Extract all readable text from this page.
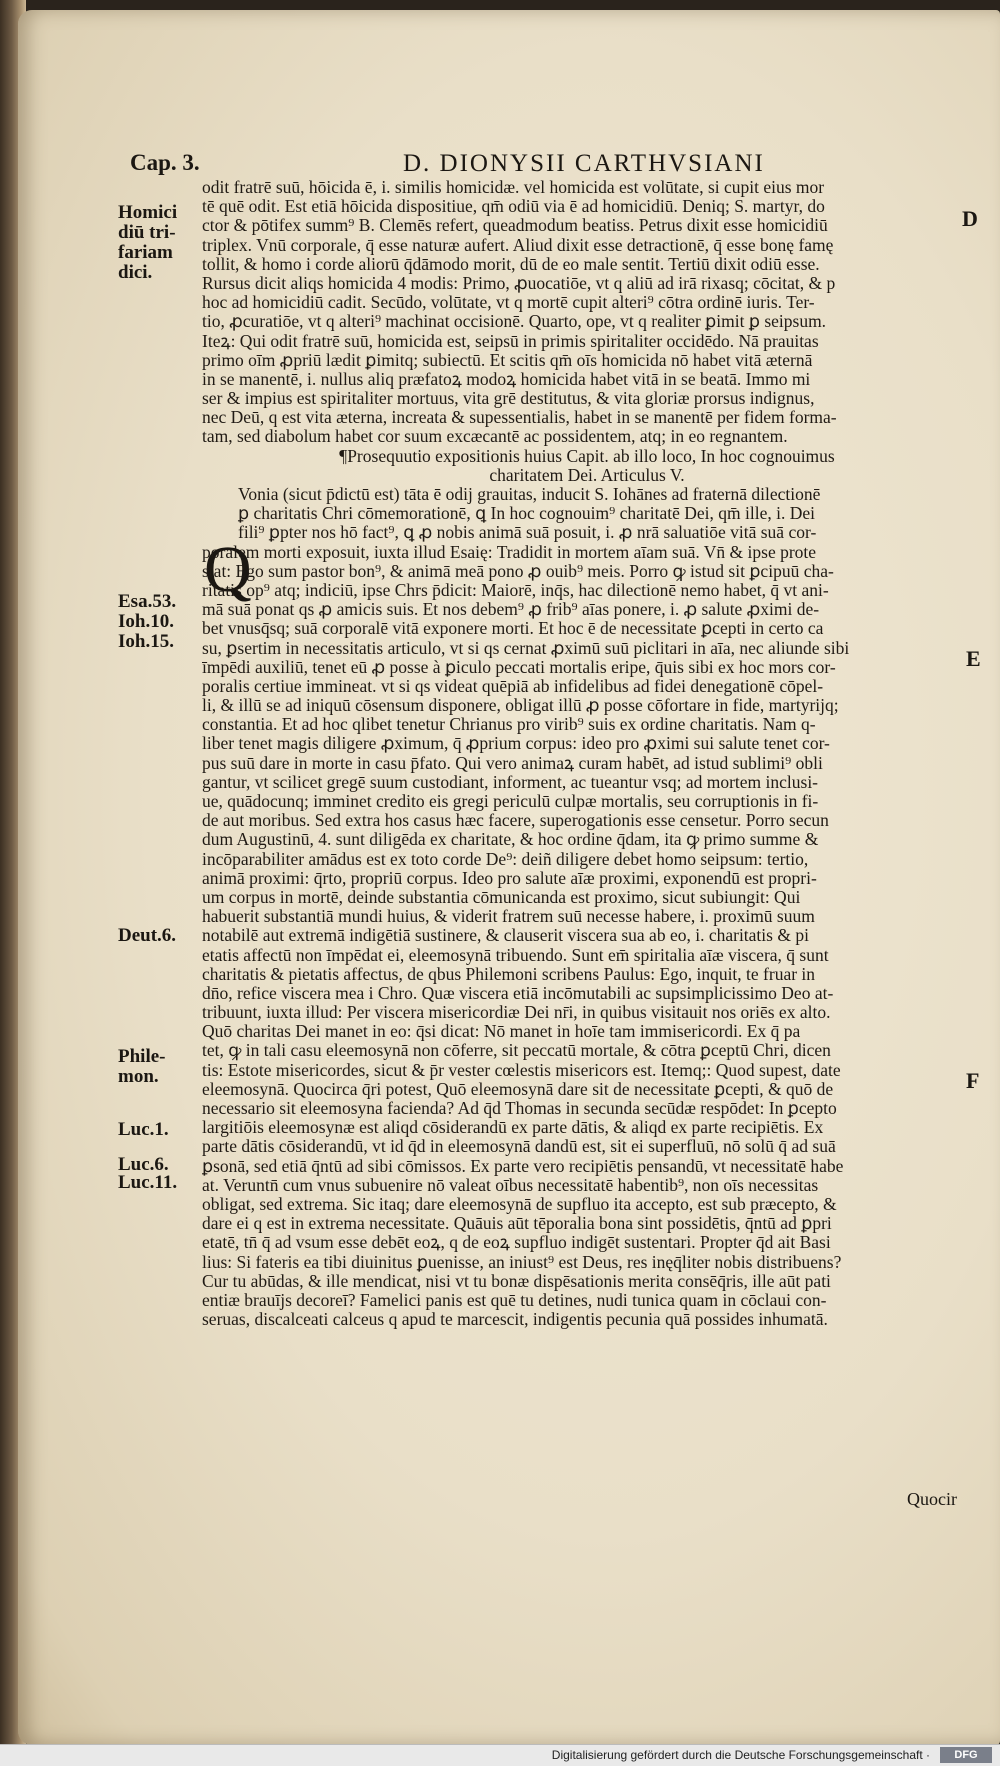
Cap. 3.	D. DIONYSII CARTHVSIANI
Homici
diū tri-
fariam
dici.
Esa.53.
Ioh.10.
Ioh.15.
Deut.6.
Phile-
mon.
Luc.1.
Luc.6.
Luc.11.
D
E
F
Q
odit fratrē suū, hōicida ē, i. similis homicidæ. vel homicida est volūtate, si cupit eius mor
tē quē odit. Est etiā hōicida dispositiue, qm̄ odiū via ē ad homicidiū. Deniq; S. martyr, do
ctor & pōtifex summ⁹ B. Clemēs refert, queadmodum beatiss. Petrus dixit esse homicidiū
triplex. Vnū corporale, q̄ esse naturæ aufert. Aliud dixit esse detractionē, q̄ esse bonę famę
tollit, & homo i corde aliorū q̄dāmodo morit, dū de eo male sentit. Tertiū dixit odiū esse.
Rursus dicit aliqs homicida 4 modis: Primo, ꝓuocatiōe, vt q aliū ad irā rixasq; cōcitat, & p
hoc ad homicidiū cadit. Secūdo, volūtate, vt q mortē cupit alteri⁹ cōtra ordinē iuris. Ter-
tio, ꝓcuratiōe, vt q alteri⁹ machinat occisionē. Quarto, ope, vt q realiter ꝑimit ꝑ seipsum.
Iteꝝ: Qui odit fratrē suū, homicida est, seipsū in primis spiritaliter occidēdo. Nā prauitas
primo oīm ꝓpriū lædit ꝑimitq; subiectū. Et scitis qm̄ oīs homicida nō habet vitā æternā
in se manentē, i. nullus aliq præfatoꝝ modoꝝ homicida habet vitā in se beatā. Immo mi
ser & impius est spiritaliter mortuus, vita grē destitutus, & vita gloriæ prorsus indignus,
nec Deū, q est vita æterna, increata & supessentialis, habet in se manentē per fidem forma-
tam, sed diabolum habet cor suum excæcantē ac possidentem, atq; in eo regnantem.
¶Prosequutio expositionis huius Capit. ab illo loco, In hoc cognouimus
charitatem Dei. Articulus V.
Vonia (sicut p̄dictū est) tāta ē odij grauitas, inducit S. Iohānes ad fraternā dilectionē
ꝑ charitatis Chri cōmemorationē, ꝗ In hoc cognouim⁹ charitatē Dei, qm̄ ille, i. Dei
fili⁹ ꝑpter nos hō fact⁹, ꝗ ꝓ nobis animā suā posuit, i. ꝓ nrā saluatiōe vitā suā cor-
poralem morti exposuit, iuxta illud Esaię: Tradidit in mortem aīam suā. Vn̄ & ipse prote
stat: Ego sum pastor bon⁹, & animā meā pono ꝓ ouib⁹ meis. Porro ꝙ istud sit ꝑcipuū cha-
ritatis op⁹ atq; indiciū, ipse Chrs p̄dicit: Maiorē, inq̄s, hac dilectionē nemo habet, q̄ vt ani-
mā suā ponat qs ꝓ amicis suis. Et nos debem⁹ ꝓ frib⁹ aīas ponere, i. ꝓ salute ꝓximi de-
bet vnusq̄sq; suā corporalē vitā exponere morti. Et hoc ē de necessitate ꝑcepti in certo ca
su, ꝑsertim in necessitatis articulo, vt si qs cernat ꝓximū suū piclitari in aīa, nec aliunde sibi
īmpēdi auxiliū, tenet eū ꝓ posse à ꝑiculo peccati mortalis eripe, q̄uis sibi ex hoc mors cor-
poralis certiue immineat. vt si qs videat quēpiā ab infidelibus ad fidei denegationē cōpel-
li, & illū se ad iniquū cōsensum disponere, obligat illū ꝓ posse cōfortare in fide, martyrijq;
constantia. Et ad hoc qlibet tenetur Chrianus pro virib⁹ suis ex ordine charitatis. Nam q-
liber tenet magis diligere ꝓximum, q̄ ꝓprium corpus: ideo pro ꝓximi sui salute tenet cor-
pus suū dare in morte in casu p̄fato. Qui vero animaꝝ curam habēt, ad istud sublimi⁹ obli
gantur, vt scilicet gregē suum custodiant, informent, ac tueantur vsq; ad mortem inclusi-
ue, quādocunq; imminet credito eis gregi periculū culpæ mortalis, seu corruptionis in fi-
de aut moribus. Sed extra hos casus hæc facere, superogationis esse censetur. Porro secun
dum Augustinū, 4. sunt diligēda ex charitate, & hoc ordine q̄dam, ita ꝙ primo summe &
incōparabiliter amādus est ex toto corde De⁹: deiñ diligere debet homo seipsum: tertio,
animā proximi: q̄rto, propriū corpus. Ideo pro salute aīæ proximi, exponendū est propri-
um corpus in mortē, deinde substantia cōmunicanda est proximo, sicut subiungit: Qui
habuerit substantiā mundi huius, & viderit fratrem suū necesse habere, i. proximū suum
notabilē aut extremā indigētiā sustinere, & clauserit viscera sua ab eo, i. charitatis & pi
etatis affectū non īmpēdat ei, eleemosynā tribuendo. Sunt em̄ spiritalia aīæ viscera, q̄ sunt
charitatis & pietatis affectus, de qbus Philemoni scribens Paulus: Ego, inquit, te fruar in
dn̄o, refice viscera mea i Chro. Quæ viscera etiā incōmutabili ac supsimplicissimo Deo at-
tribuunt, iuxta illud: Per viscera misericordiæ Dei nr̄i, in quibus visitauit nos oriēs ex alto.
Quō charitas Dei manet in eo: q̄si dicat: Nō manet in hoīe tam immisericordi. Ex q̄ pa
tet, ꝙ in tali casu eleemosynā non cōferre, sit peccatū mortale, & cōtra ꝑceptū Chri, dicen
tis: Estote misericordes, sicut & p̄r vester cœlestis misericors est. Itemq;: Quod supest, date
eleemosynā. Quocirca q̄ri potest, Quō eleemosynā dare sit de necessitate ꝑcepti, & quō de
necessario sit eleemosyna facienda? Ad q̄d Thomas in secunda secūdæ respōdet: In ꝑcepto
largitiōis eleemosynæ est aliqd cōsiderandū ex parte dātis, & aliqd ex parte recipiētis. Ex
parte dātis cōsiderandū, vt id q̄d in eleemosynā dandū est, sit ei superfluū, nō solū q̄ ad suā
ꝑsonā, sed etiā q̄ntū ad sibi cōmissos. Ex parte vero recipiētis pensandū, vt necessitatē habe
at. Veruntn̄ cum vnus subuenire nō valeat oībus necessitatē habentib⁹, non oīs necessitas
obligat, sed extrema. Sic itaq; dare eleemosynā de supfluo ita accepto, est sub præcepto, &
dare ei q est in extrema necessitate. Quāuis aūt tēporalia bona sint possidētis, q̄ntū ad ꝑpri
etatē, tn̄ q̄ ad vsum esse debēt eoꝝ, q de eoꝝ supfluo indigēt sustentari. Propter q̄d ait Basi
lius: Si fateris ea tibi diuinitus ꝑuenisse, an iniust⁹ est Deus, res inęq̄liter nobis distribuens?
Cur tu abūdas, & ille mendicat, nisi vt tu bonæ dispēsationis merita consēq̄ris, ille aūt pati
entiæ brauījs decoreī? Famelici panis est quē tu detines, nudi tunica quam in cōclaui con-
seruas, discalceati calceus q apud te marcescit, indigentis pecunia quā possides inhumatā.
Quocir
Digitalisierung gefördert durch die Deutsche Forschungsgemeinschaft ·	DFG
